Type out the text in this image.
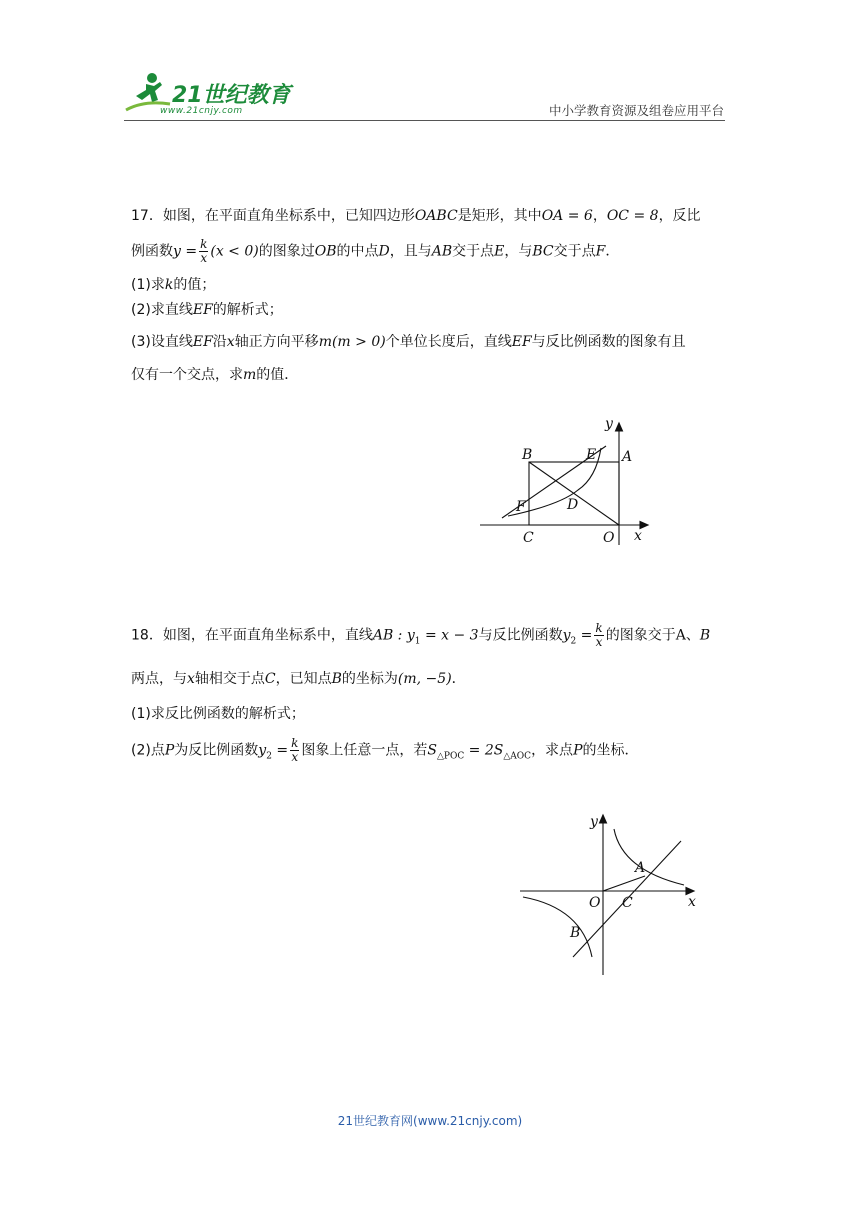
21世纪教育
www.21cnjy.com	中小学教育资源及组卷应用平台
17．如图，在平面直角坐标系中，已知四边形OABC是矩形，其中OA = 6，OC = 8，反比
例函数$y = \frac{k}{x} (x < 0)$的图象过OB的中点D，且与AB交于点E，与BC交于点F．
(1)求k的值；
(2)求直线EF的解析式；
(3)设直线EF沿x轴正方向平移m(m > 0)个单位长度后，直线EF与反比例函数的图象有且
仅有一个交点，求m的值．
B	E A
F	D
C	O x
y
18．如图，在平面直角坐标系中，直线AB : $y_1 = x - 3$与反比例函数$y_2 = \frac{k}{x}$ 的图象交于A、B
两点，与x轴相交于点C，已知点B的坐标为(m, −5)．
(1)求反比例函数的解析式；
(2)点P为反比例函数$y_2 = \frac{k}{x}$ 图象上任意一点，若$S_{\triangle POC} = 2S_{\triangle AOC}$，求点P的坐标．
y
A
O C	x
B
21世纪教育网(www.21cnjy.com)
